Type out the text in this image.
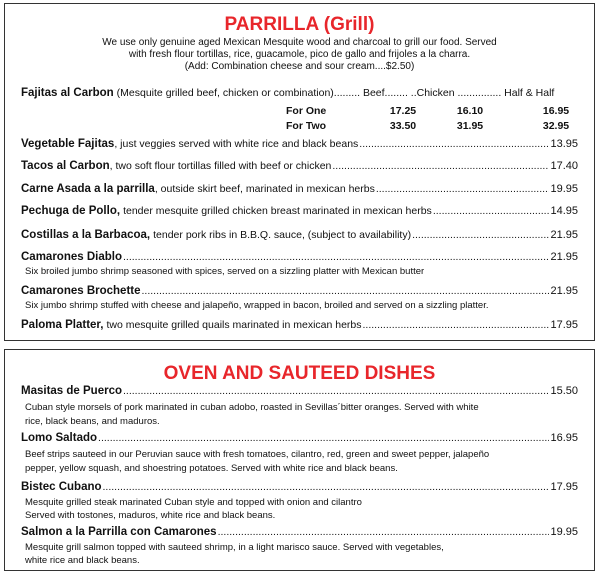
PARRILLA (Grill)
We use only genuine aged Mexican Mesquite wood and charcoal to grill our food. Served
with fresh flour tortillas, rice, guacamole, pico de gallo and frijoles a la charra.
(Add: Combination cheese and sour cream....$2.50)
Fajitas al Carbon (Mesquite grilled beef, chicken or combination)......... Beef........ ..Chicken ............... Half & Half
For One	17.25	16.10	16.95
For Two	33.50	31.95	32.95
Vegetable Fajitas , just veggies served with white rice and black beans .....	13.95
Tacos al Carbon , two soft flour tortillas filled with beef or chicken .....	17.40
Carne Asada a la parrilla , outside skirt beef, marinated in mexican herbs .....	19.95
Pechuga de Pollo, tender mesquite grilled chicken breast marinated in mexican herbs .....	14.95
Costillas a la Barbacoa, tender pork ribs in B.B.Q. sauce, (subject to availability) .....	21.95
Camarones Diablo .....	21.95
Six broiled jumbo shrimp seasoned with spices, served on a sizzling platter with Mexican butter
Camarones Brochette .....	21.95
Six jumbo shrimp stuffed with cheese and jalapeño, wrapped in bacon, broiled and served on a sizzling platter.
Paloma Platter, two mesquite grilled quails marinated in mexican herbs .....	17.95
OVEN AND SAUTEED DISHES
Masitas de Puerco .....	15.50
Cuban style morsels of pork marinated in cuban adobo, roasted in Sevillas´bitter oranges. Served with white
rice, black beans, and maduros.
Lomo Saltado .....	16.95
Beef strips sauteed in our Peruvian sauce with fresh tomatoes, cilantro, red, green and sweet pepper, jalapeño
pepper, yellow squash, and shoestring potatoes. Served with white rice and black beans.
Bistec Cubano .....	17.95
Mesquite grilled steak marinated Cuban style and topped with onion and cilantro
Served with tostones, maduros, white rice and black beans.
Salmon a la Parrilla con Camarones .....	19.95
Mesquite grill salmon topped with sauteed shrimp, in a light marisco sauce. Served with vegetables,
white rice and black beans.
